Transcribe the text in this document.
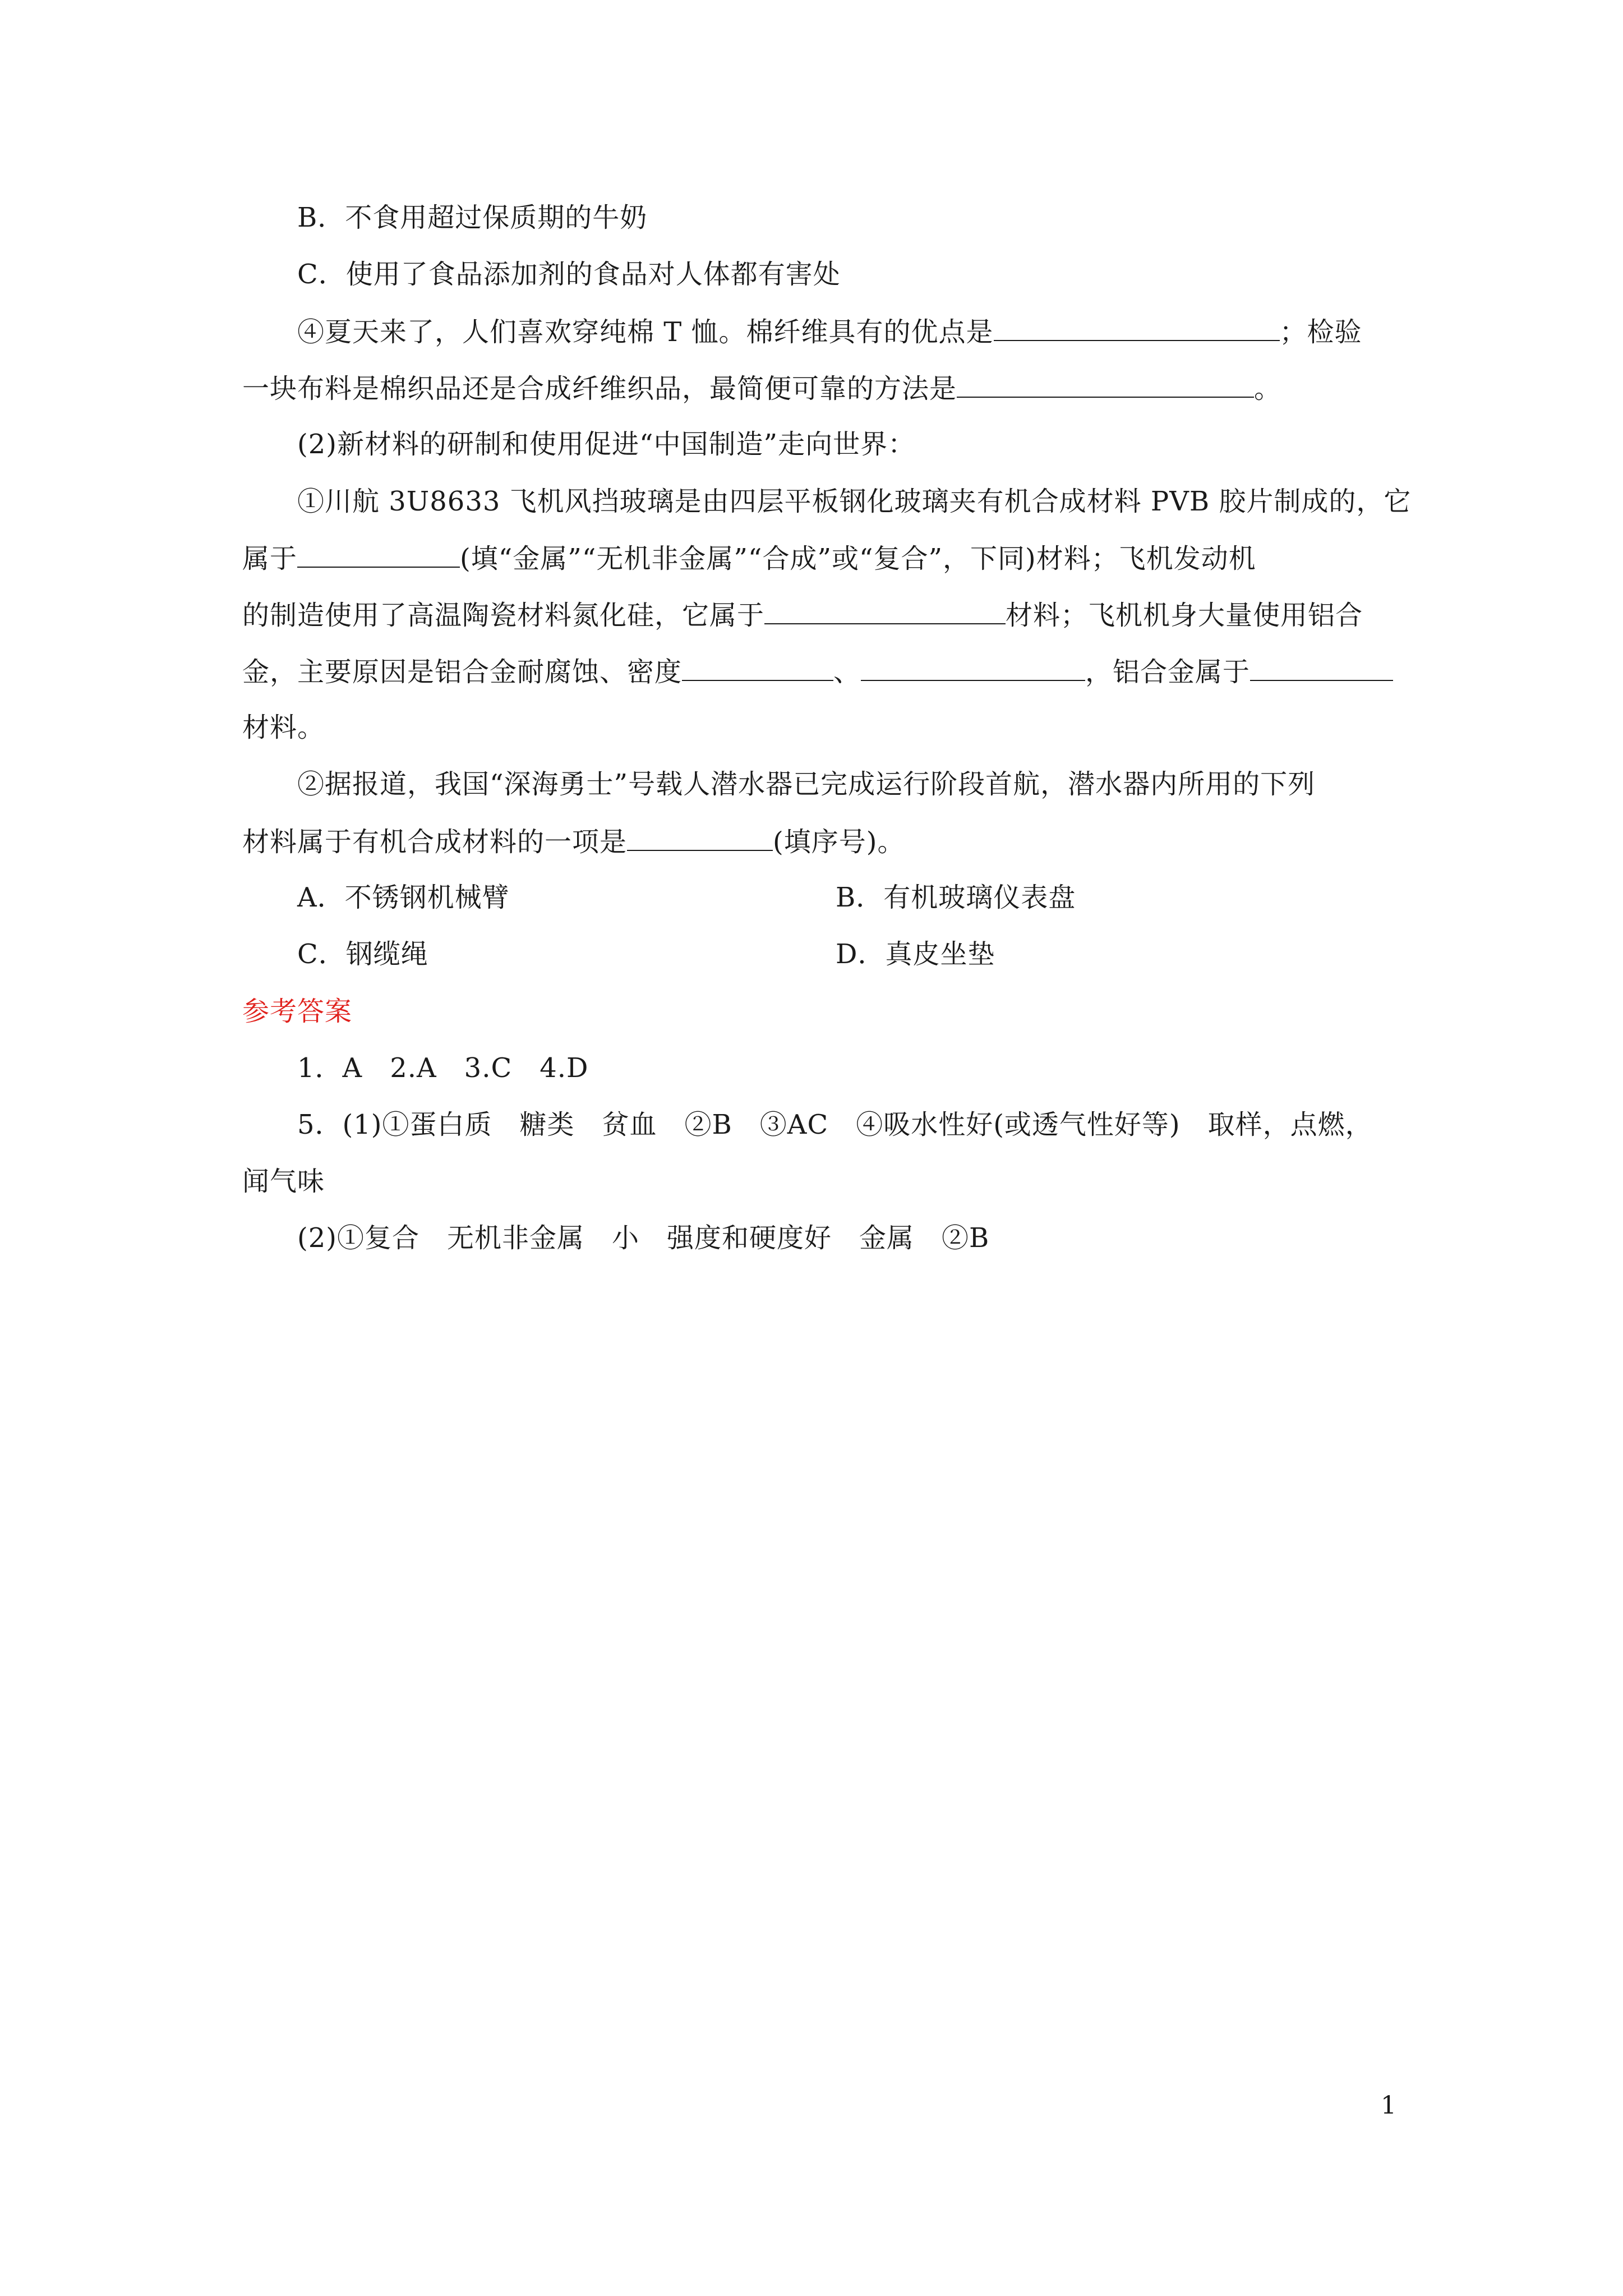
B．不食用超过保质期的牛奶
C．使用了食品添加剂的食品对人体都有害处
④夏天来了，人们喜欢穿纯棉 T 恤。棉纤维具有的优点是	；检验
一块布料是棉织品还是合成纤维织品，最简便可靠的方法是	。
(2)新材料的研制和使用促进“中国制造”走向世界：
①川航 3U8633 飞机风挡玻璃是由四层平板钢化玻璃夹有机合成材料 PVB 胶片制成的，它
属于	(填“金属”“无机非金属”“合成”或“复合”，下同)材料；飞机发动机
的制造使用了高温陶瓷材料氮化硅，它属于	材料；飞机机身大量使用铝合
金，主要原因是铝合金耐腐蚀、密度	、	，铝合金属于
材料。
②据报道，我国“深海勇士”号载人潜水器已完成运行阶段首航，潜水器内所用的下列
材料属于有机合成材料的一项是	(填序号)。
A．不锈钢机械臂	B．有机玻璃仪表盘
C．钢缆绳	D．真皮坐垫
参考答案
1．A　2.A　3.C　4.D
5．(1)①蛋白质　糖类　贫血　②B　③AC　④吸水性好(或透气性好等)　取样，点燃，
闻气味
(2)①复合　无机非金属　小　强度和硬度好　金属　②B
1
